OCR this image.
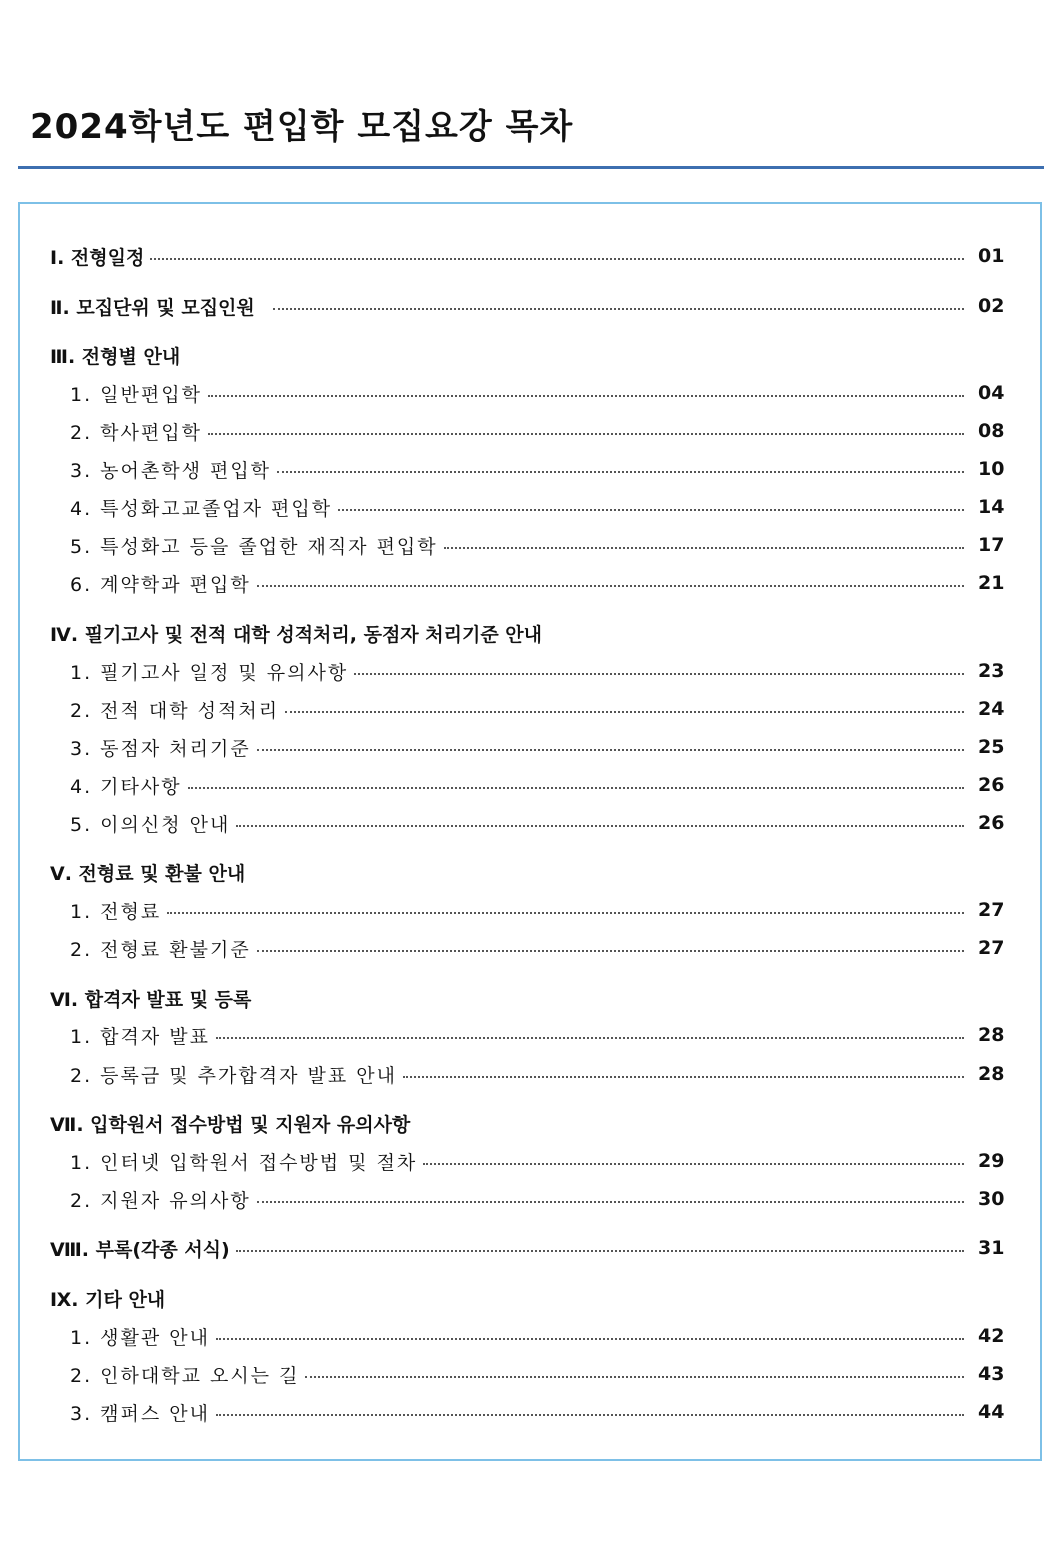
2024학년도 편입학 모집요강 목차
Ⅰ. 전형일정	01
Ⅱ. 모집단위 및 모집인원	02
Ⅲ. 전형별 안내
1. 일반편입학	04
2. 학사편입학	08
3. 농어촌학생 편입학	10
4. 특성화고교졸업자 편입학	14
5. 특성화고 등을 졸업한 재직자 편입학	17
6. 계약학과 편입학	21
Ⅳ. 필기고사 및 전적 대학 성적처리, 동점자 처리기준 안내
1. 필기고사 일정 및 유의사항	23
2. 전적 대학 성적처리	24
3. 동점자 처리기준	25
4. 기타사항	26
5. 이의신청 안내	26
Ⅴ. 전형료 및 환불 안내
1. 전형료	27
2. 전형료 환불기준	27
Ⅵ. 합격자 발표 및 등록
1. 합격자 발표	28
2. 등록금 및 추가합격자 발표 안내	28
Ⅶ. 입학원서 접수방법 및 지원자 유의사항
1. 인터넷 입학원서 접수방법 및 절차	29
2. 지원자 유의사항	30
Ⅷ. 부록(각종 서식)	31
Ⅸ. 기타 안내
1. 생활관 안내	42
2. 인하대학교 오시는 길	43
3. 캠퍼스 안내	44
